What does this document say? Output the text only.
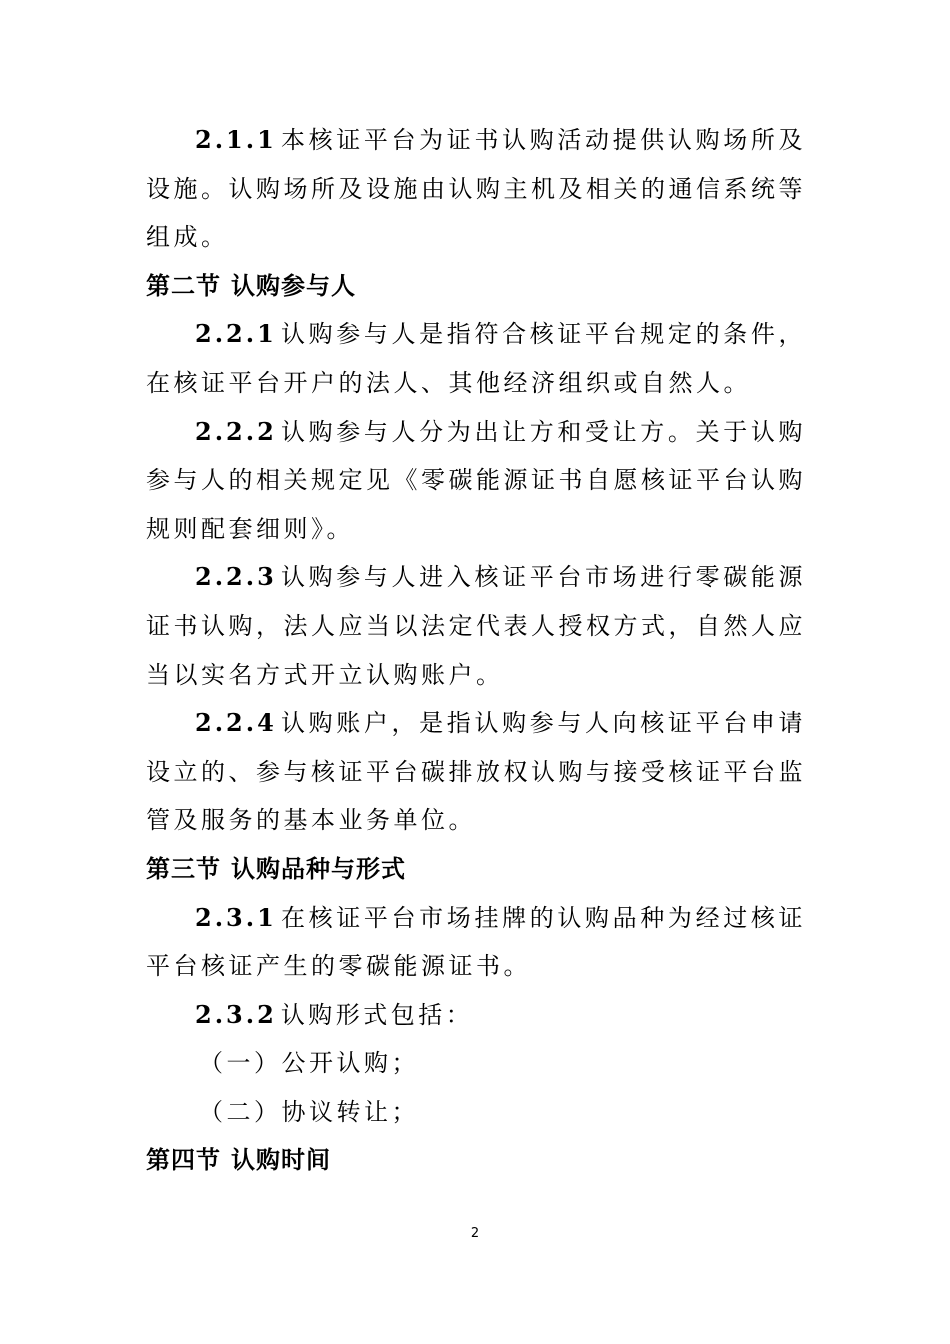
2.1.1 本核证平台为证书认购活动提供认购场所及设施。认购场所及设施由认购主机及相关的通信系统等组成。

第二节 认购参与人

2.2.1 认购参与人是指符合核证平台规定的条件，在核证平台开户的法人、其他经济组织或自然人。

2.2.2 认购参与人分为出让方和受让方。关于认购参与人的相关规定见《零碳能源证书自愿核证平台认购规则配套细则》。

2.2.3 认购参与人进入核证平台市场进行零碳能源证书认购，法人应当以法定代表人授权方式，自然人应当以实名方式开立认购账户。

2.2.4 认购账户，是指认购参与人向核证平台申请设立的、参与核证平台碳排放权认购与接受核证平台监管及服务的基本业务单位。

第三节 认购品种与形式

2.3.1 在核证平台市场挂牌的认购品种为经过核证平台核证产生的零碳能源证书。

2.3.2 认购形式包括：

（一）公开认购；

（二）协议转让；

第四节 认购时间

2
